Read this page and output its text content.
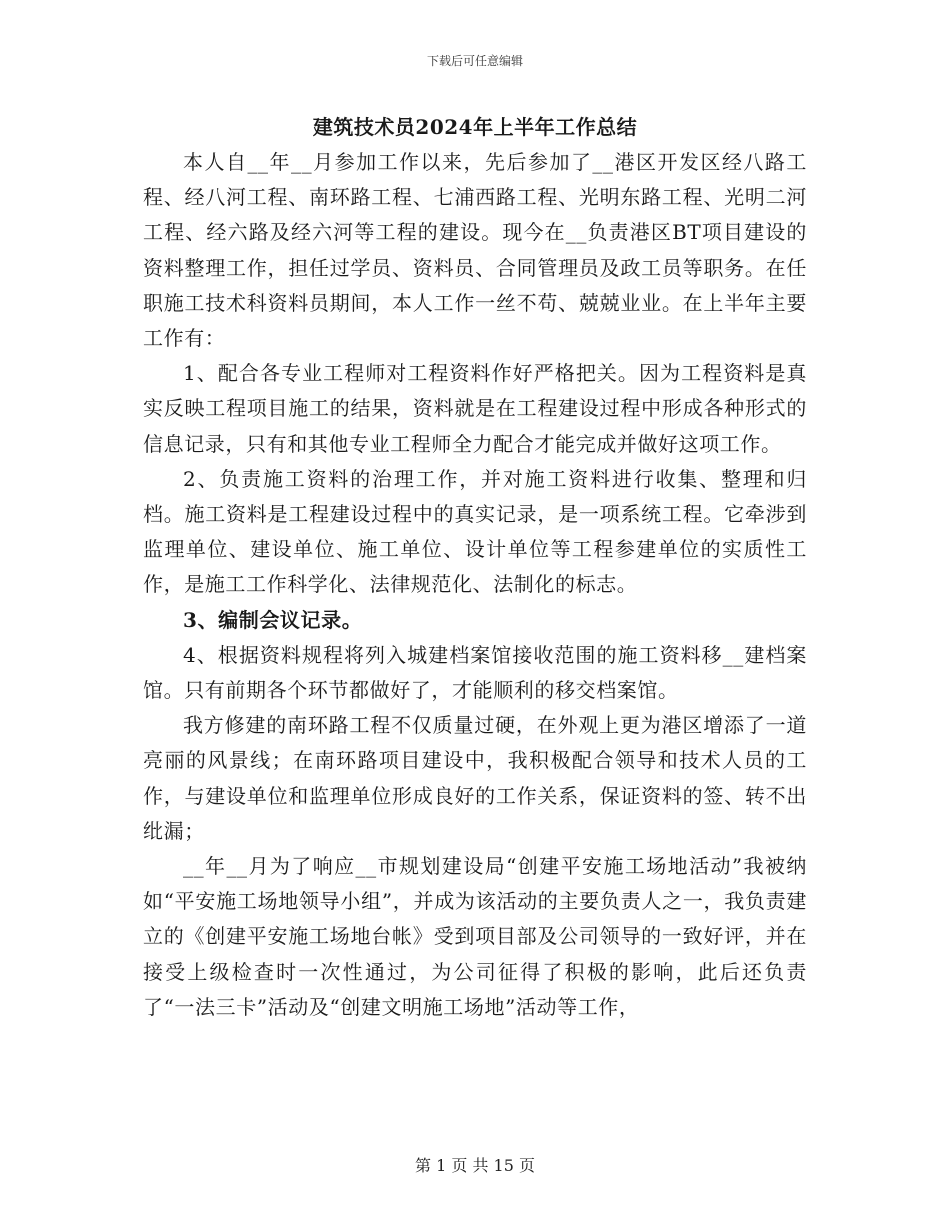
下载后可任意编辑
建筑技术员2024年上半年工作总结

本人自__年__月参加工作以来，先后参加了__港区开发区经八路工程、经八河工程、南环路工程、七浦西路工程、光明东路工程、光明二河工程、经六路及经六河等工程的建设。现今在__负责港区BT项目建设的资料整理工作，担任过学员、资料员、合同管理员及政工员等职务。在任职施工技术科资料员期间，本人工作一丝不苟、兢兢业业。在上半年主要工作有：

1、配合各专业工程师对工程资料作好严格把关。因为工程资料是真实反映工程项目施工的结果，资料就是在工程建设过程中形成各种形式的信息记录，只有和其他专业工程师全力配合才能完成并做好这项工作。

2、负责施工资料的治理工作，并对施工资料进行收集、整理和归档。施工资料是工程建设过程中的真实记录，是一项系统工程。它牵涉到监理单位、建设单位、施工单位、设计单位等工程参建单位的实质性工作，是施工工作科学化、法律规范化、法制化的标志。

3、编制会议记录。

4、根据资料规程将列入城建档案馆接收范围的施工资料移__建档案馆。只有前期各个环节都做好了，才能顺利的移交档案馆。

我方修建的南环路工程不仅质量过硬，在外观上更为港区增添了一道亮丽的风景线；在南环路项目建设中，我积极配合领导和技术人员的工作，与建设单位和监理单位形成良好的工作关系，保证资料的签、转不出纰漏；

__年__月为了响应__市规划建设局“创建平安施工场地活动”我被纳如“平安施工场地领导小组”，并成为该活动的主要负责人之一，我负责建立的《创建平安施工场地台帐》受到项目部及公司领导的一致好评，并在接受上级检查时一次性通过，为公司征得了积极的影响，此后还负责了“一法三卡”活动及“创建文明施工场地”活动等工作，

第 1 页 共 15 页
